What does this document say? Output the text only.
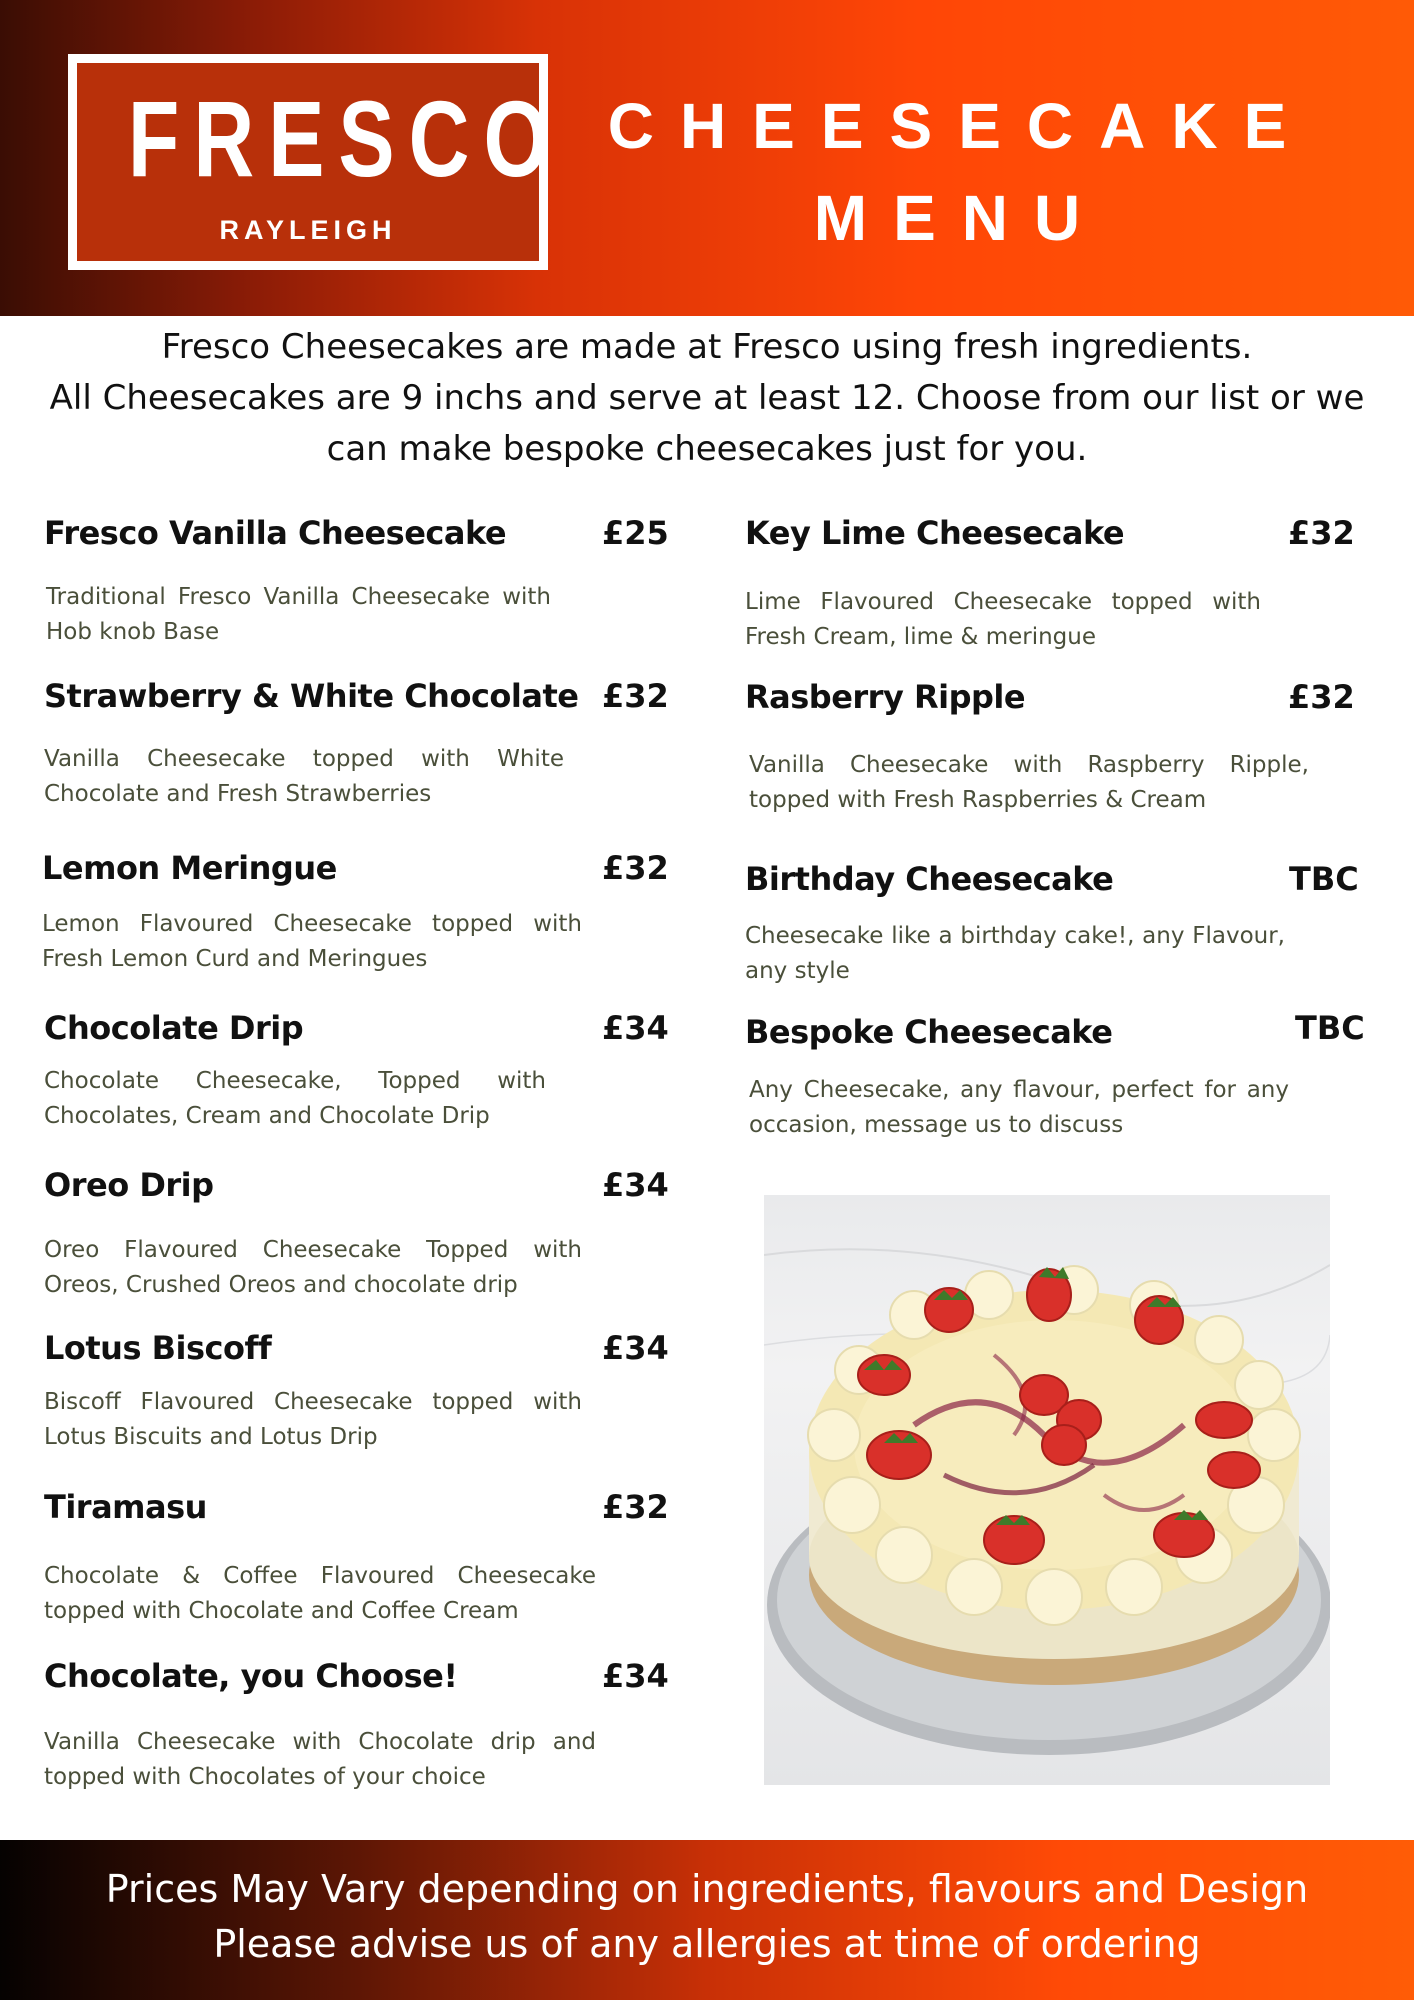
FRESCO
RAYLEIGH
CHEESECAKE
MENU
Fresco Cheesecakes are made at Fresco using fresh ingredients.
All Cheesecakes are 9 inchs and serve at least 12. Choose from our list or we
can make bespoke cheesecakes just for you.
Fresco Vanilla Cheesecake	£25
Traditional Fresco Vanilla Cheesecake with Hob knob Base
Strawberry & White Chocolate £32
Vanilla Cheesecake topped with White Chocolate and Fresh Strawberries
Lemon Meringue	£32
Lemon Flavoured Cheesecake topped with Fresh Lemon Curd and Meringues
Chocolate Drip	£34
Chocolate Cheesecake, Topped with Chocolates, Cream and Chocolate Drip
Oreo Drip	£34
Oreo Flavoured Cheesecake Topped with Oreos, Crushed Oreos and chocolate drip
Lotus Biscoff	£34
Biscoff Flavoured Cheesecake topped with Lotus Biscuits and Lotus Drip
Tiramasu	£32
Chocolate & Coffee Flavoured Cheesecake topped with Chocolate and Coffee Cream
Chocolate, you Choose!	£34
Vanilla Cheesecake with Chocolate drip and topped with Chocolates of your choice
Key Lime Cheesecake	£32
Lime Flavoured Cheesecake topped with Fresh Cream, lime & meringue
Rasberry Ripple	£32
Vanilla Cheesecake with Raspberry Ripple, topped with Fresh Raspberries & Cream
Birthday Cheesecake	TBC
Cheesecake like a birthday cake!, any Flavour, any style
Bespoke Cheesecake	TBC
Any Cheesecake, any flavour, perfect for any occasion, message us to discuss
Prices May Vary depending on ingredients, flavours and Design
Please advise us of any allergies at time of ordering
